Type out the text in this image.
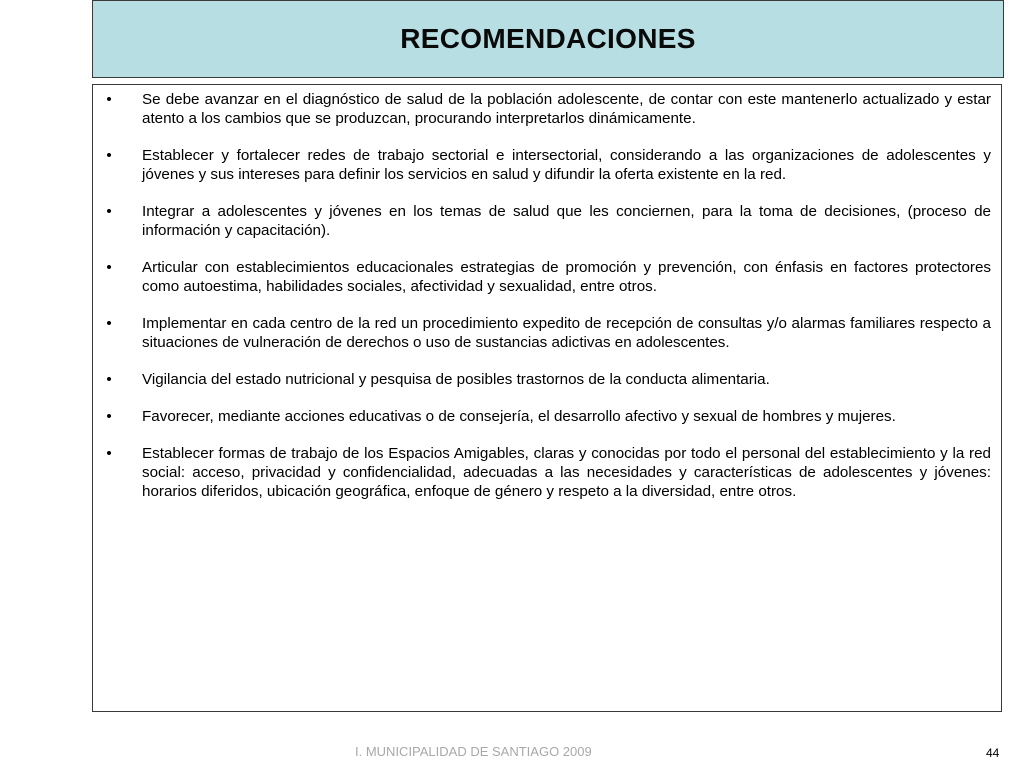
RECOMENDACIONES
• Se debe avanzar en el diagnóstico de salud de la población adolescente, de contar con este mantenerlo actualizado y estar atento a los cambios que se produzcan, procurando interpretarlos dinámicamente.
• Establecer y fortalecer redes de trabajo sectorial e intersectorial, considerando a las organizaciones de adolescentes y jóvenes y sus intereses para definir los servicios en salud y difundir la oferta existente en la red.
• Integrar a adolescentes y jóvenes en los temas de salud que les conciernen, para la toma de decisiones, (proceso de información y capacitación).
• Articular con establecimientos educacionales estrategias de promoción y prevención, con énfasis en factores protectores como autoestima, habilidades sociales, afectividad y sexualidad, entre otros.
• Implementar en cada centro de la red un procedimiento expedito de recepción de consultas y/o alarmas familiares respecto a situaciones de vulneración de derechos o uso de sustancias adictivas en adolescentes.
• Vigilancia del estado nutricional y pesquisa de posibles trastornos de la conducta alimentaria.
• Favorecer, mediante acciones educativas o de consejería, el desarrollo afectivo y sexual de hombres y mujeres.
• Establecer formas de trabajo de los Espacios Amigables, claras y conocidas por todo el personal del establecimiento y la red social: acceso, privacidad y confidencialidad, adecuadas a las necesidades y características de adolescentes y jóvenes: horarios diferidos, ubicación geográfica, enfoque de género y respeto a la diversidad, entre otros.
I. MUNICIPALIDAD DE SANTIAGO 2009	44
